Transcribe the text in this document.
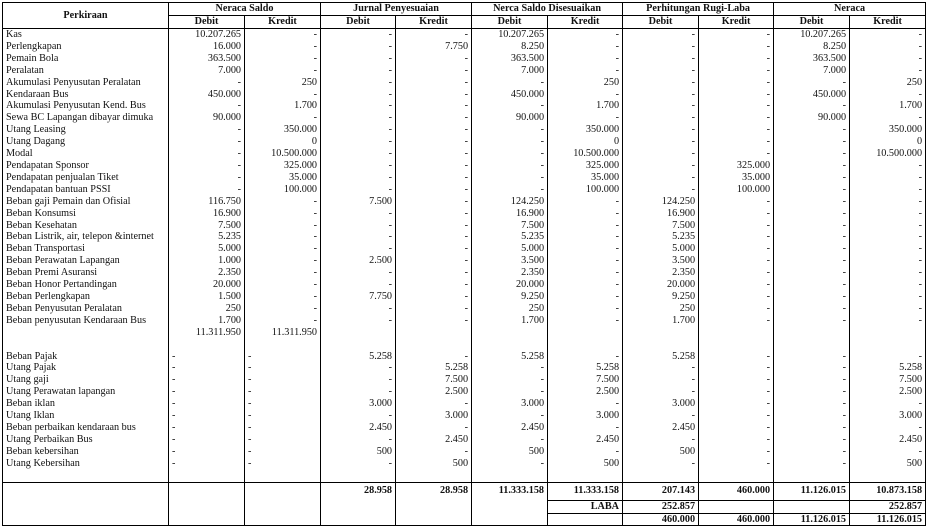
Perkiraan	Neraca Saldo		Jurnal Penyesuaian		Nerca Saldo Disesuaikan		Perhitungan Rugi-Laba		Neraca	
	Debit	Kredit	Debit	Kredit	Debit	Kredit	Debit	Kredit	Debit	Kredit
Kas	10.207.265	-	-	-	10.207.265	-	-	-	10.207.265	-
Perlengkapan	16.000	-	-	7.750	8.250	-	-	-	8.250	-
Pemain Bola	363.500	-	-	-	363.500	-	-	-	363.500	-
Peralatan	7.000	-	-	-	7.000	-	-	-	7.000	-
Akumulasi Penyusutan Peralatan	-	250	-	-	-	250	-	-	-	250
Kendaraan Bus	450.000	-	-	-	450.000	-	-	-	450.000	-
Akumulasi Penyusutan Kend. Bus	-	1.700	-	-	-	1.700	-	-	-	1.700
Sewa BC Lapangan dibayar dimuka	90.000	-	-	-	90.000	-	-	-	90.000	-
Utang Leasing	-	350.000	-	-	-	350.000	-	-	-	350.000
Utang Dagang	-	0	-	-	-	0	-	-	-	0
Modal	-	10.500.000	-	-	-	10.500.000	-	-	-	10.500.000
Pendapatan Sponsor	-	325.000	-	-	-	325.000	-	325.000	-	-
Pendapatan penjualan Tiket	-	35.000	-	-	-	35.000	-	35.000	-	-
Pendapatan bantuan PSSI	-	100.000	-	-	-	100.000	-	100.000	-	-
Beban gaji Pemain dan Ofisial	116.750	-	7.500	-	124.250	-	124.250	-	-	-
Beban Konsumsi	16.900	-	-	-	16.900	-	16.900	-	-	-
Beban Kesehatan	7.500	-	-	-	7.500	-	7.500	-	-	-
Beban Listrik, air, telepon &internet	5.235	-	-	-	5.235	-	5.235	-	-	-
Beban Transportasi	5.000	-	-	-	5.000	-	5.000	-	-	-
Beban Perawatan Lapangan	1.000	-	2.500	-	3.500	-	3.500	-	-	-
Beban Premi Asuransi	2.350	-	-	-	2.350	-	2.350	-	-	-
Beban Honor Pertandingan	20.000	-	-	-	20.000	-	20.000	-	-	-
Beban Perlengkapan	1.500	-	7.750	-	9.250	-	9.250	-	-	-
Beban Penyusutan Peralatan	250	-	-	-	250	-	250	-	-	-
Beban penyusutan Kendaraan Bus	1.700	-	-	-	1.700	-	1.700	-	-	-
	11.311.950	11.311.950								

Beban Pajak	-	-	5.258	-	5.258	-	5.258	-	-	-
Utang Pajak	-	-	-	5.258	-	5.258	-	-	-	5.258
Utang gaji	-	-	-	7.500	-	7.500	-	-	-	7.500
Utang Perawatan lapangan	-	-	-	2.500	-	2.500	-	-	-	2.500
Beban iklan	-	-	3.000	-	3.000	-	3.000	-	-	-
Utang Iklan	-	-	-	3.000	-	3.000	-	-	-	3.000
Beban perbaikan kendaraan bus	-	-	2.450	-	2.450	-	2.450	-	-	-
Utang Perbaikan Bus	-	-	-	2.450	-	2.450	-	-	-	2.450
Beban kebersihan	-	-	500	-	500	-	500	-	-	-
Utang Kebersihan	-	-	-	500	-	500	-	-	-	500

			28.958	28.958	11.333.158	11.333.158	207.143	460.000	11.126.015	10.873.158
						LABA	252.857			252.857
							460.000	460.000	11.126.015	11.126.015
